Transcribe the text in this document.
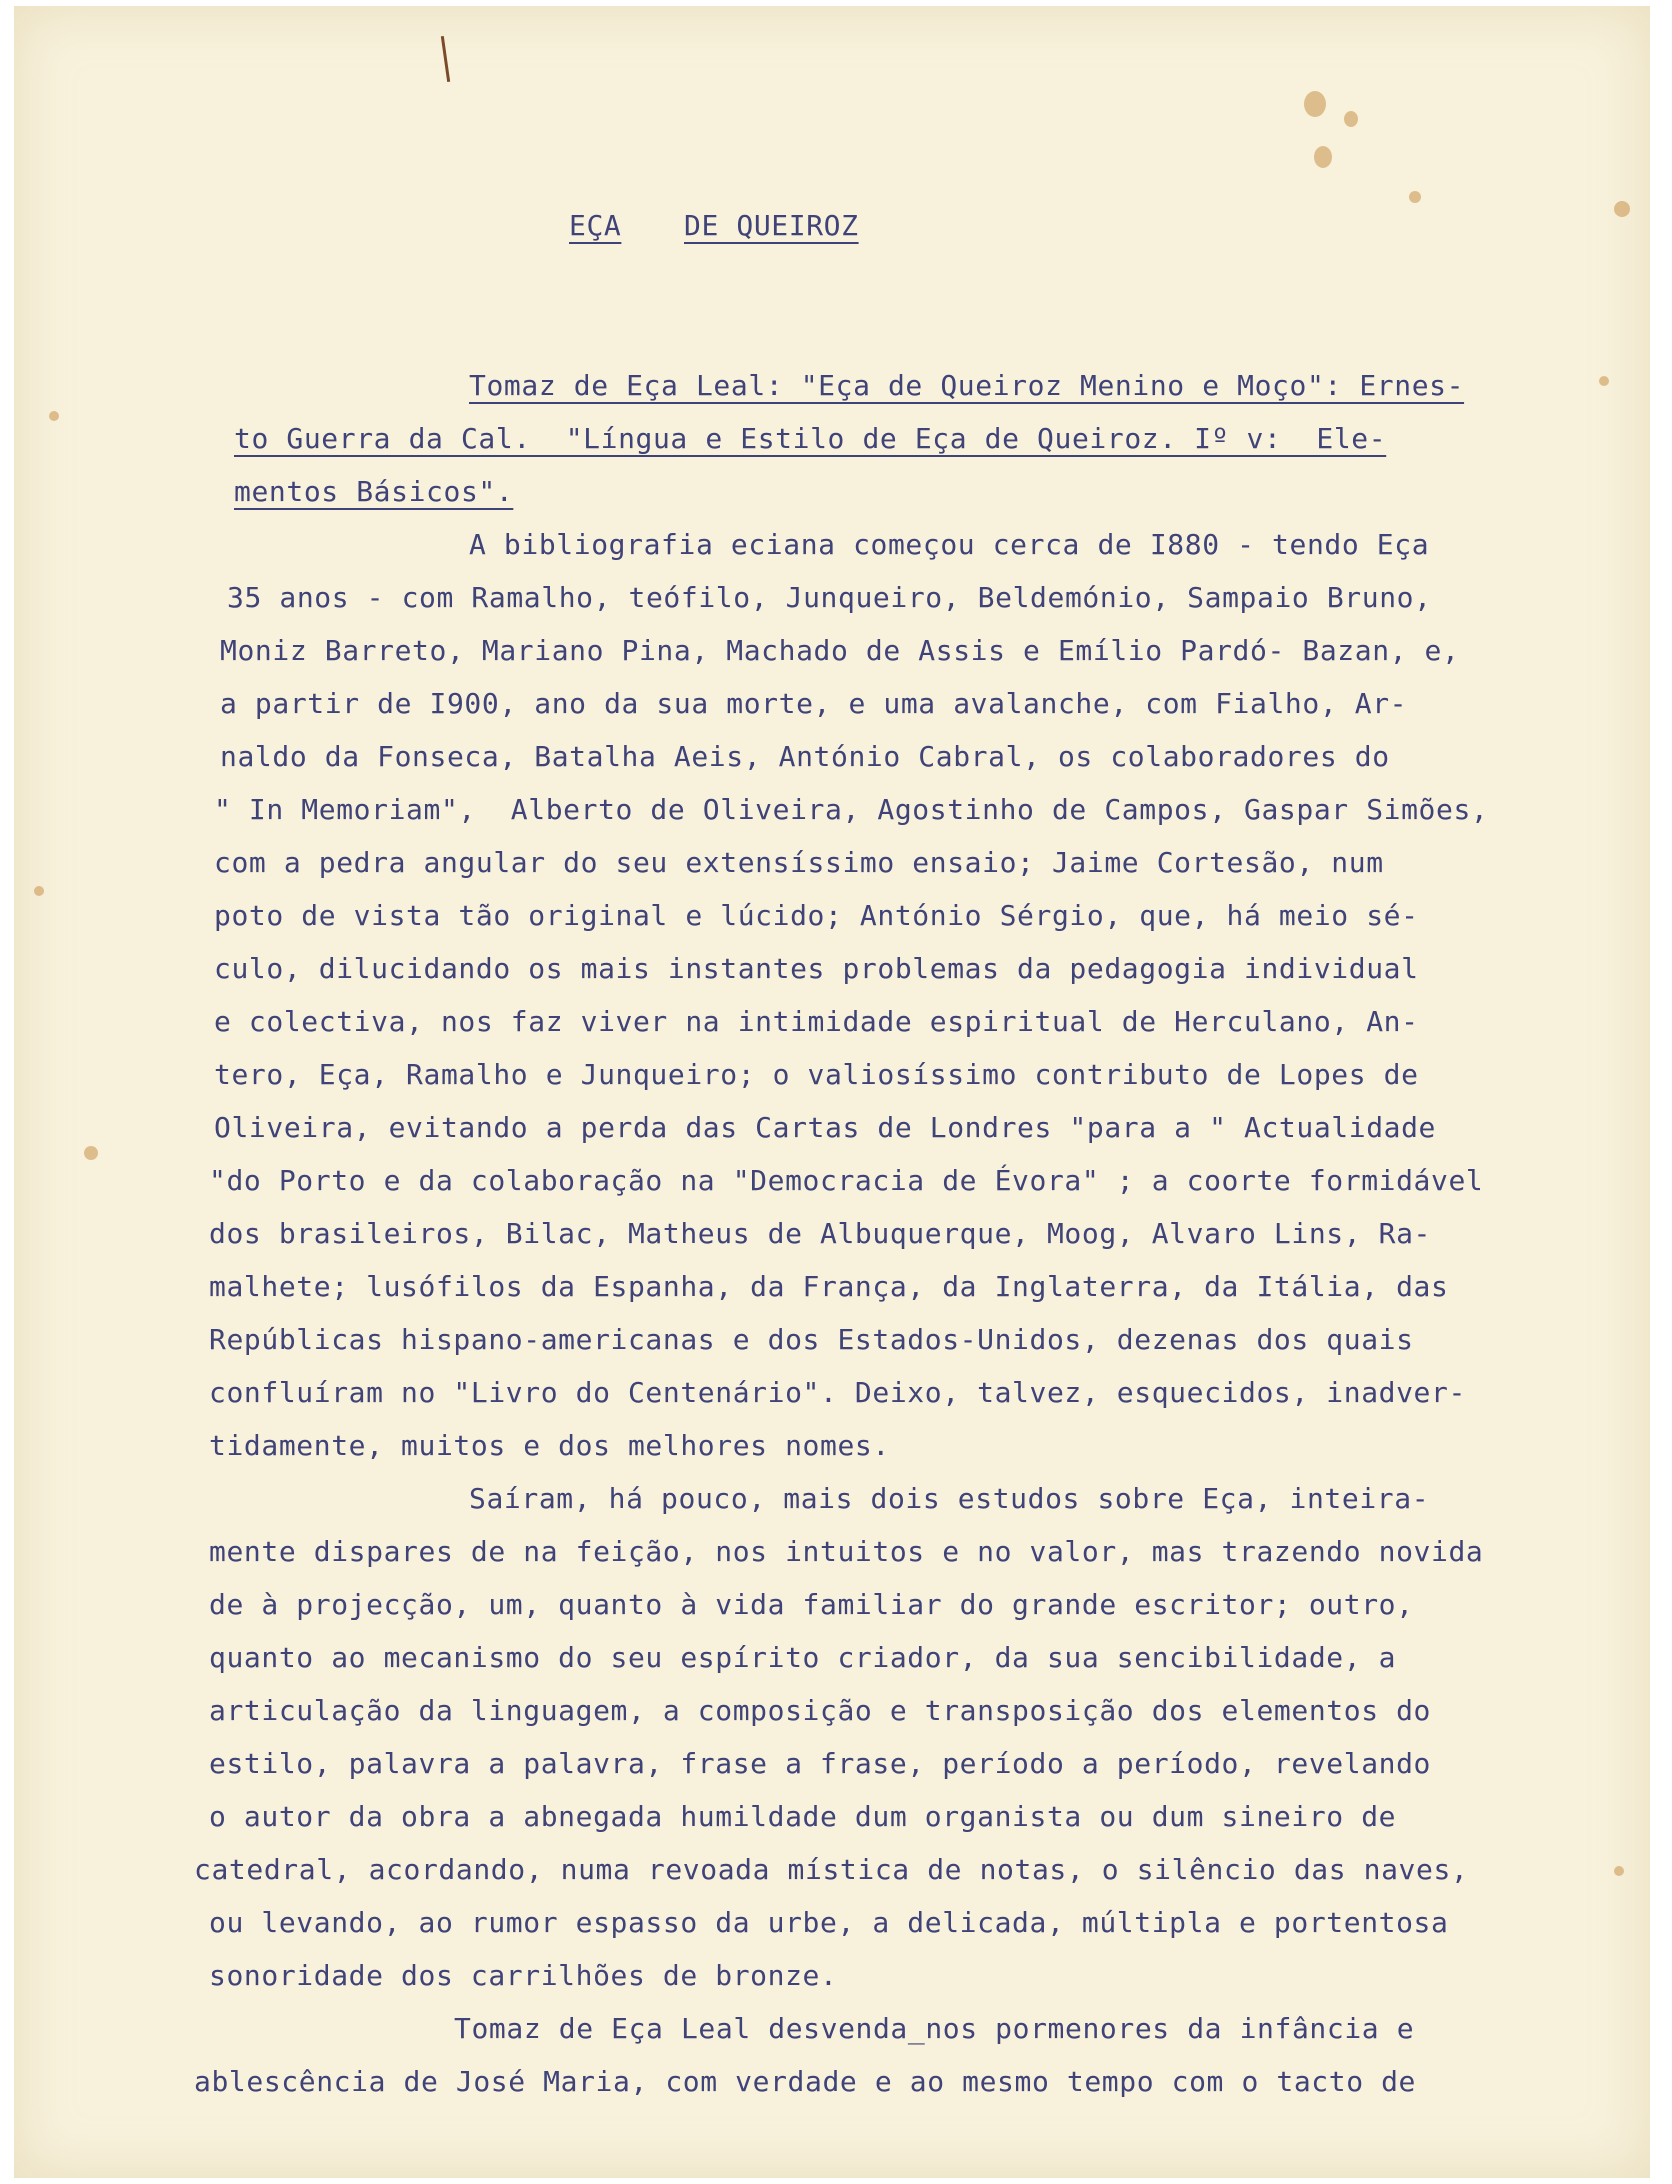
EÇA DE QUEIROZ
Tomaz de Eça Leal: "Eça de Queiroz Menino e Moço": Ernes-
to Guerra da Cal.  "Língua e Estilo de Eça de Queiroz. Iº v:  Ele-
mentos Básicos".
A bibliografia eciana começou cerca de I880 - tendo Eça
35 anos - com Ramalho, teófilo, Junqueiro, Beldemónio, Sampaio Bruno,
Moniz Barreto, Mariano Pina, Machado de Assis e Emílio Pardó- Bazan, e,
a partir de I900, ano da sua morte, e uma avalanche, com Fialho, Ar-
naldo da Fonseca, Batalha Aeis, António Cabral, os colaboradores do
" In Memoriam",  Alberto de Oliveira, Agostinho de Campos, Gaspar Simões,
com a pedra angular do seu extensíssimo ensaio; Jaime Cortesão, num
poto de vista tão original e lúcido; António Sérgio, que, há meio sé-
culo, dilucidando os mais instantes problemas da pedagogia individual
e colectiva, nos faz viver na intimidade espiritual de Herculano, An-
tero, Eça, Ramalho e Junqueiro; o valiosíssimo contributo de Lopes de
Oliveira, evitando a perda das Cartas de Londres "para a " Actualidade
"do Porto e da colaboração na "Democracia de Évora" ; a coorte formidável
dos brasileiros, Bilac, Matheus de Albuquerque, Moog, Alvaro Lins, Ra-
malhete; lusófilos da Espanha, da França, da Inglaterra, da Itália, das
Repúblicas hispano-americanas e dos Estados-Unidos, dezenas dos quais
confluíram no "Livro do Centenário". Deixo, talvez, esquecidos, inadver-
tidamente, muitos e dos melhores nomes.
Saíram, há pouco, mais dois estudos sobre Eça, inteira-
mente dispares de na feição, nos intuitos e no valor, mas trazendo novida
de à projecção, um, quanto à vida familiar do grande escritor; outro,
quanto ao mecanismo do seu espírito criador, da sua sencibilidade, a
articulação da linguagem, a composição e transposição dos elementos do
estilo, palavra a palavra, frase a frase, período a período, revelando
o autor da obra a abnegada humildade dum organista ou dum sineiro de
catedral, acordando, numa revoada mística de notas, o silêncio das naves,
ou levando, ao rumor espasso da urbe, a delicada, múltipla e portentosa
sonoridade dos carrilhões de bronze.
Tomaz de Eça Leal desvenda_nos pormenores da infância e
ablescência de José Maria, com verdade e ao mesmo tempo com o tacto de
